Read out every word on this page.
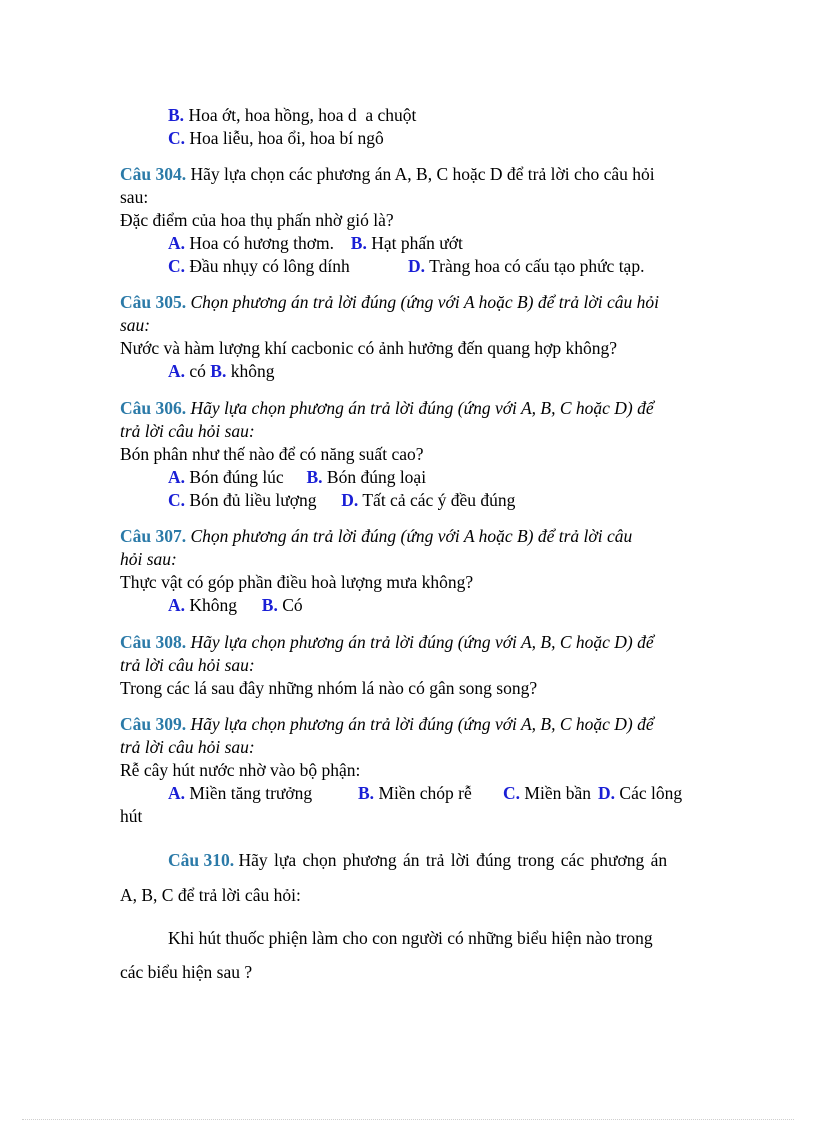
B. Hoa ớt, hoa hồng, hoa d  a chuột
C. Hoa liễu, hoa ổi, hoa bí ngô
Câu 304. Hãy lựa chọn các phương án A, B, C hoặc D để trả lời cho câu hỏi
sau:
Đặc điểm của hoa thụ phấn nhờ gió là?
A. Hoa có hương thơm. B. Hạt phấn ướt
C. Đầu nhụy có lông dính	D. Tràng hoa có cấu tạo phức tạp.
Câu 305. Chọn phương án trả lời đúng (ứng với A hoặc B) để trả lời câu hỏi
sau:
Nước và hàm lượng khí cacbonic có ảnh hưởng đến quang hợp không?
A. có B. không
Câu 306. Hãy lựa chọn phương án trả lời đúng (ứng với A, B, C hoặc D) để
trả lời câu hỏi sau:
Bón phân như thế nào để có năng suất cao?
A. Bón đúng lúc B. Bón đúng loại
C. Bón đủ liều lượng D. Tất cả các ý đều đúng
Câu 307. Chọn phương án trả lời đúng (ứng với A hoặc B) để trả lời câu
hỏi sau:
Thực vật có góp phần điều hoà lượng mưa không?
A. Không B. Có
Câu 308. Hãy lựa chọn phương án trả lời đúng (ứng với A, B, C hoặc D) để
trả lời câu hỏi sau:
Trong các lá sau đây những nhóm lá nào có gân song song?
Câu 309. Hãy lựa chọn phương án trả lời đúng (ứng với A, B, C hoặc D) để
trả lời câu hỏi sau:
Rễ cây hút nước nhờ vào bộ phận:
A. Miền tăng trưởng	B. Miền chóp rễ C. Miền bần D. Các lông
hút
Câu 310. Hãy lựa chọn phương án trả lời đúng trong các phương án
A, B, C để trả lời câu hỏi:
Khi hút thuốc phiện làm cho con người có những biểu hiện nào trong
các biểu hiện sau ?
